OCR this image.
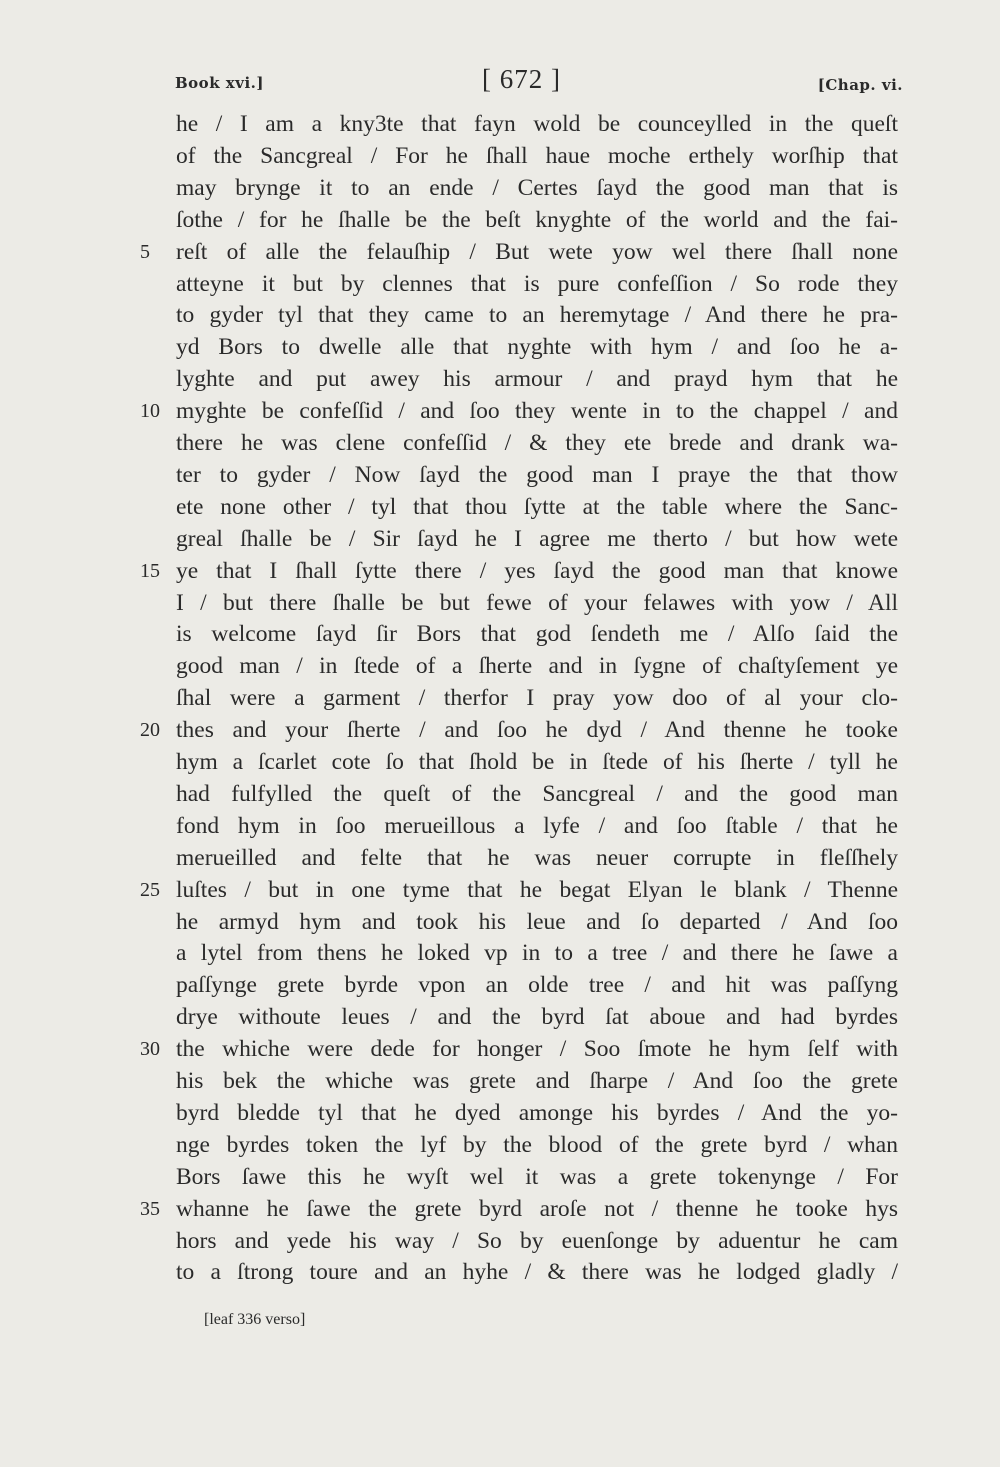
Book xvi.]	[ 672 ]	[Chap. vi.
he / I am a kny3te that fayn wold be counceylled in the queſt
of the Sancgreal / For he ſhall haue moche erthely worſhip that
may brynge it to an ende / Certes ſayd the good man that is
ſothe / for he ſhalle be the beſt knyghte of the world and the fai-
5	reſt of alle the felauſhip / But wete yow wel there ſhall none
atteyne it but by clennes that is pure confeſſion / So rode they
to gyder tyl that they came to an heremytage / And there he pra-
yd Bors to dwelle alle that nyghte with hym / and ſoo he a-
lyghte and put awey his armour / and prayd hym that he
10 myghte be confeſſid / and ſoo they wente in to the chappel / and
there he was clene confeſſid / & they ete brede and drank wa-
ter to gyder / Now ſayd the good man I praye the that thow
ete none other / tyl that thou ſytte at the table where the Sanc-
greal ſhalle be / Sir ſayd he I agree me therto / but how wete
15 ye that I ſhall ſytte there / yes ſayd the good man that knowe
I / but there ſhalle be but fewe of your felawes with yow / All
is welcome ſayd ſir Bors that god ſendeth me / Alſo ſaid the
good man / in ſtede of a ſherte and in ſygne of chaſtyſement ye
ſhal were a garment / therfor I pray yow doo of al your clo-
20 thes and your ſherte / and ſoo he dyd / And thenne he tooke
hym a ſcarlet cote ſo that ſhold be in ſtede of his ſherte / tyll he
had fulfylled the queſt of the Sancgreal / and the good man
fond hym in ſoo merueillous a lyfe / and ſoo ſtable / that he
merueilled and felte that he was neuer corrupte in fleſſhely
25 luſtes / but in one tyme that he begat Elyan le blank / Thenne
he armyd hym and took his leue and ſo departed / And ſoo
a lytel from thens he loked vp in to a tree / and there he ſawe a
paſſynge grete byrde vpon an olde tree / and hit was paſſyng
drye withoute leues / and the byrd ſat aboue and had byrdes
30 the whiche were dede for honger / Soo ſmote he hym ſelf with
his bek the whiche was grete and ſharpe / And ſoo the grete
byrd bledde tyl that he dyed amonge his byrdes / And the yo-
nge byrdes token the lyf by the blood of the grete byrd / whan
Bors ſawe this he wyſt wel it was a grete tokenynge / For
35 whanne he ſawe the grete byrd aroſe not / thenne he tooke hys
hors and yede his way / So by euenſonge by aduentur he cam
to a ſtrong toure and an hyhe / & there was he lodged gladly /
[leaf 336 verso]
